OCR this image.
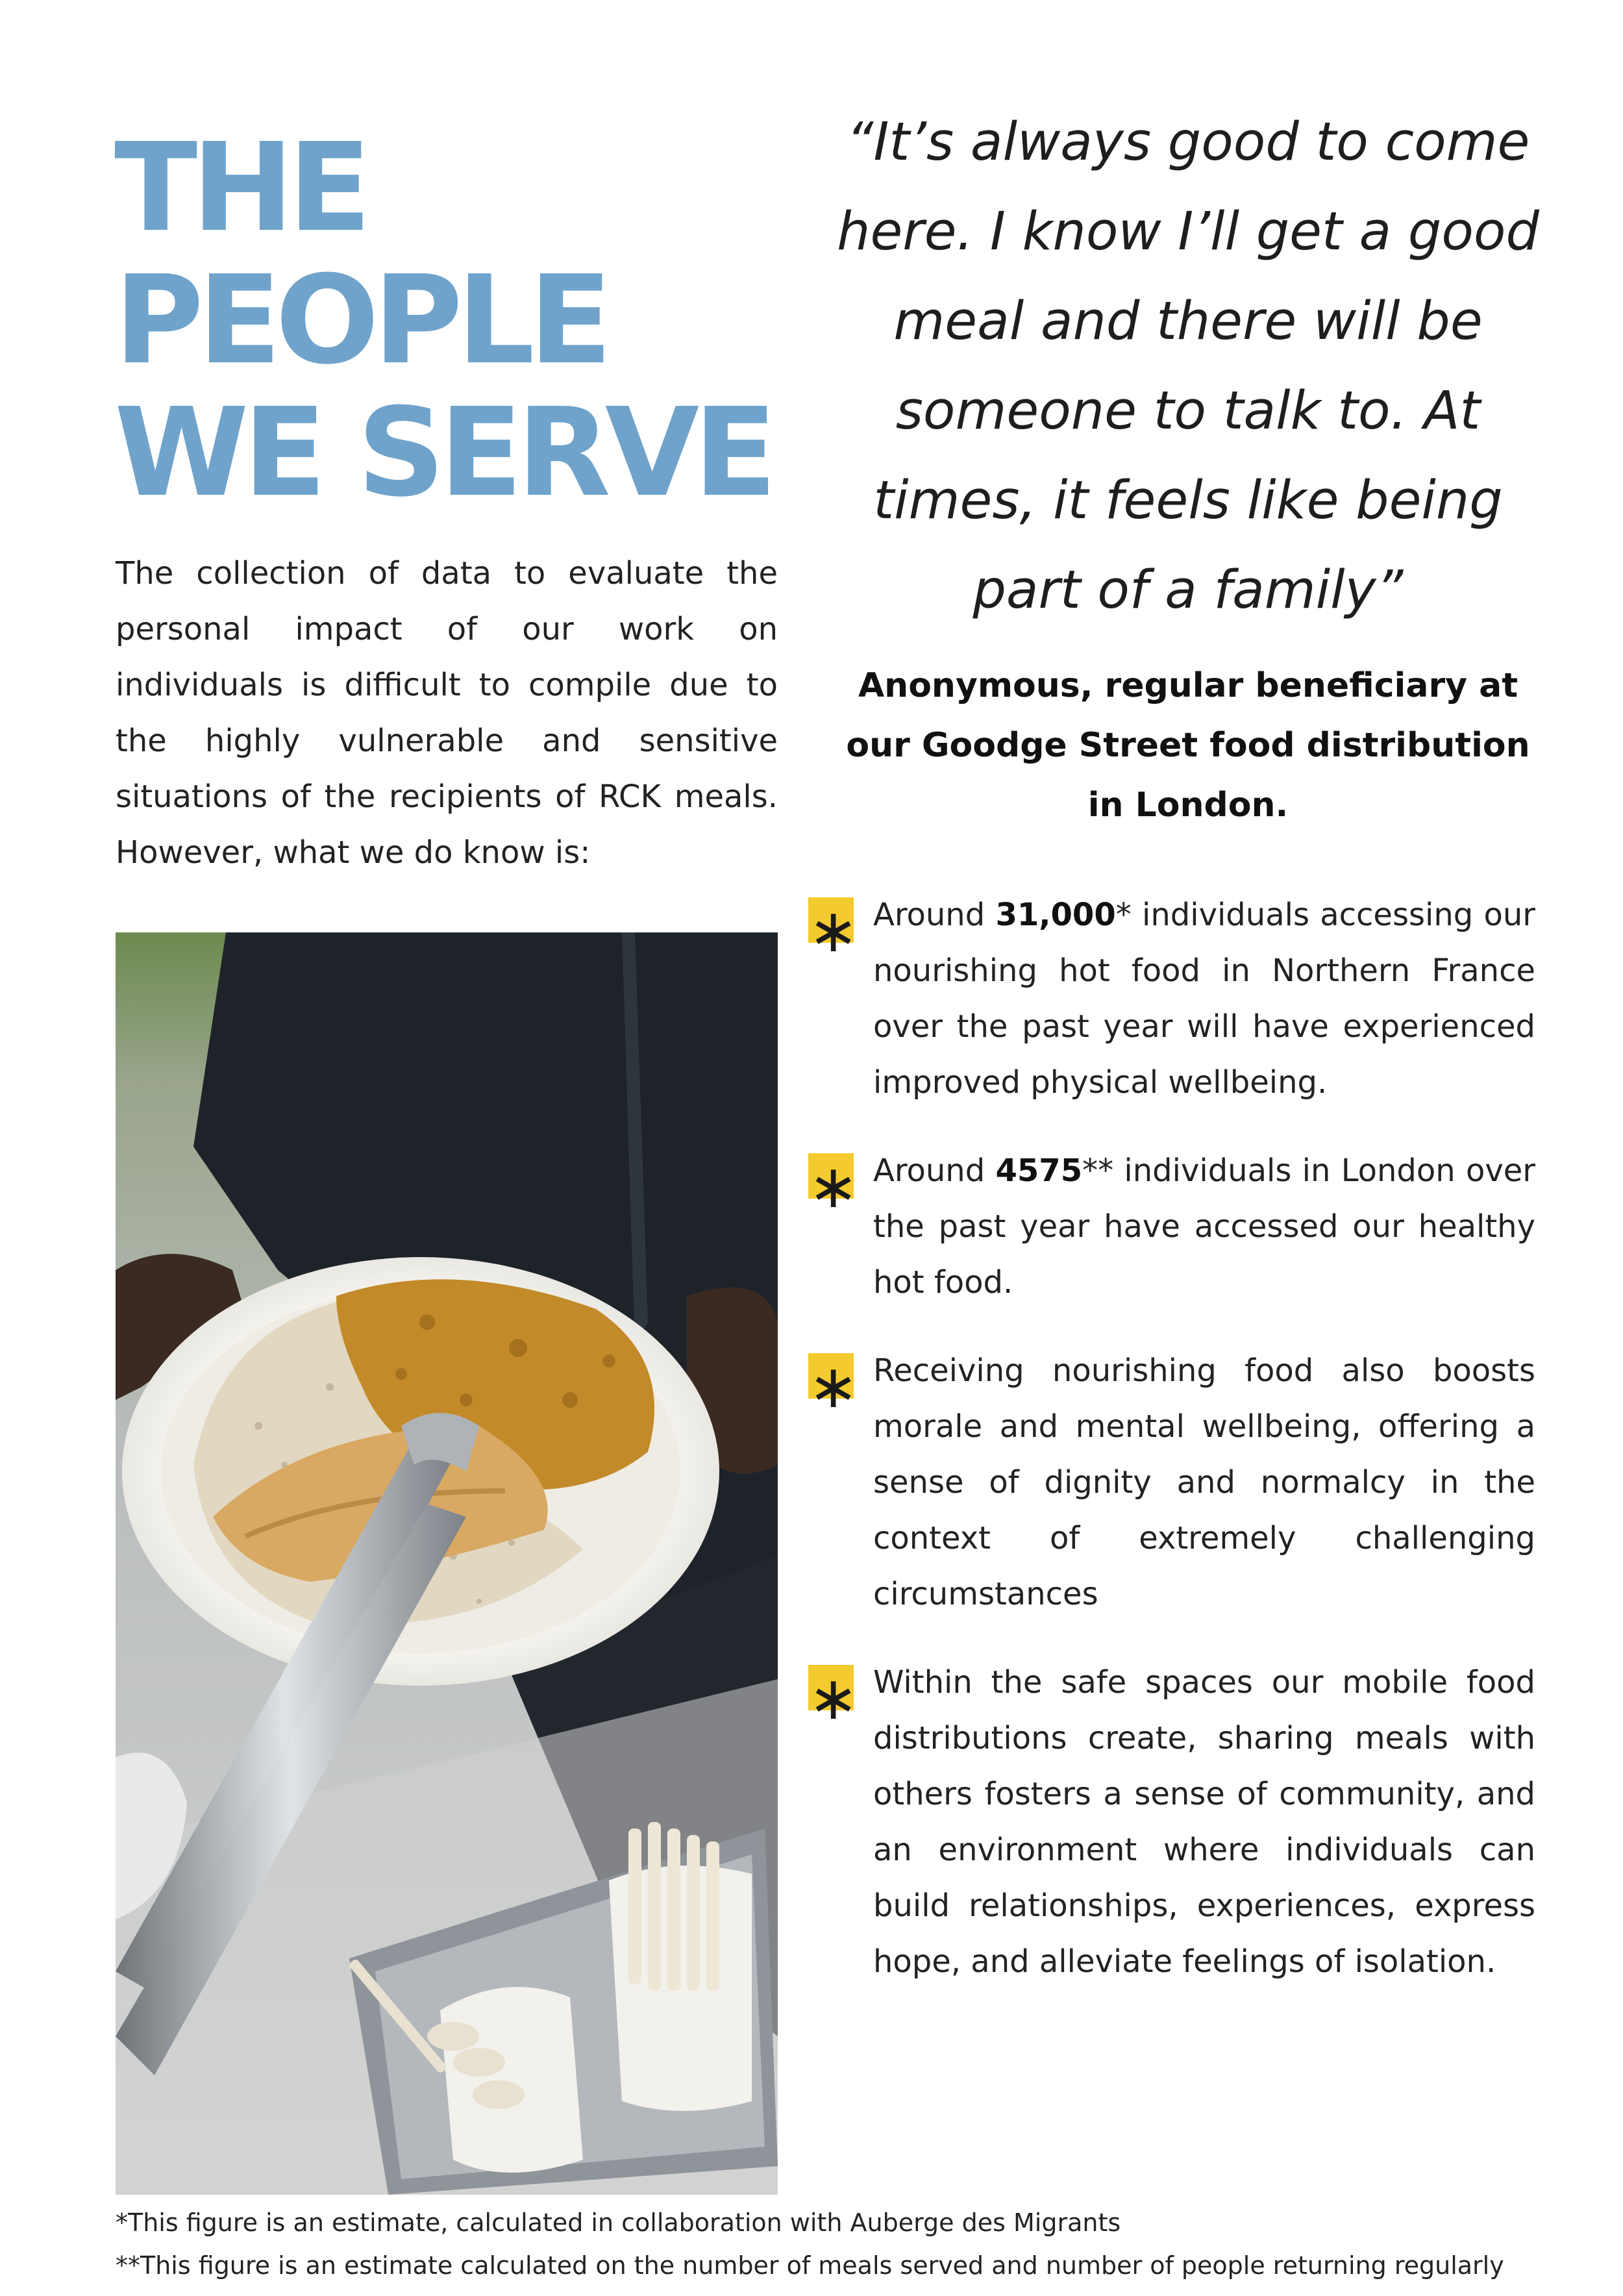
THE
PEOPLE
WE SERVE

The collection of data to evaluate the personal impact of our work on individuals is difficult to compile due to the highly vulnerable and sensitive situations of the recipients of RCK meals. However, what we do know is:

“It’s always good to come here. I know I’ll get a good meal and there will be someone to talk to. At times, it feels like being part of a family”

Anonymous, regular beneficiary at our Goodge Street food distribution in London.

∗ Around 31,000* individuals accessing our nourishing hot food in Northern France over the past year will have experienced improved physical wellbeing.

∗ Around 4575** individuals in London over the past year have accessed our healthy hot food.

∗ Receiving nourishing food also boosts morale and mental wellbeing, offering a sense of dignity and normalcy in the context of extremely challenging circumstances

∗ Within the safe spaces our mobile food distributions create, sharing meals with others fosters a sense of community, and an environment where individuals can build relationships, experiences, express hope, and alleviate feelings of isolation.

*This figure is an estimate, calculated in collaboration with Auberge des Migrants

**This figure is an estimate calculated on the number of meals served and number of people returning regularly
